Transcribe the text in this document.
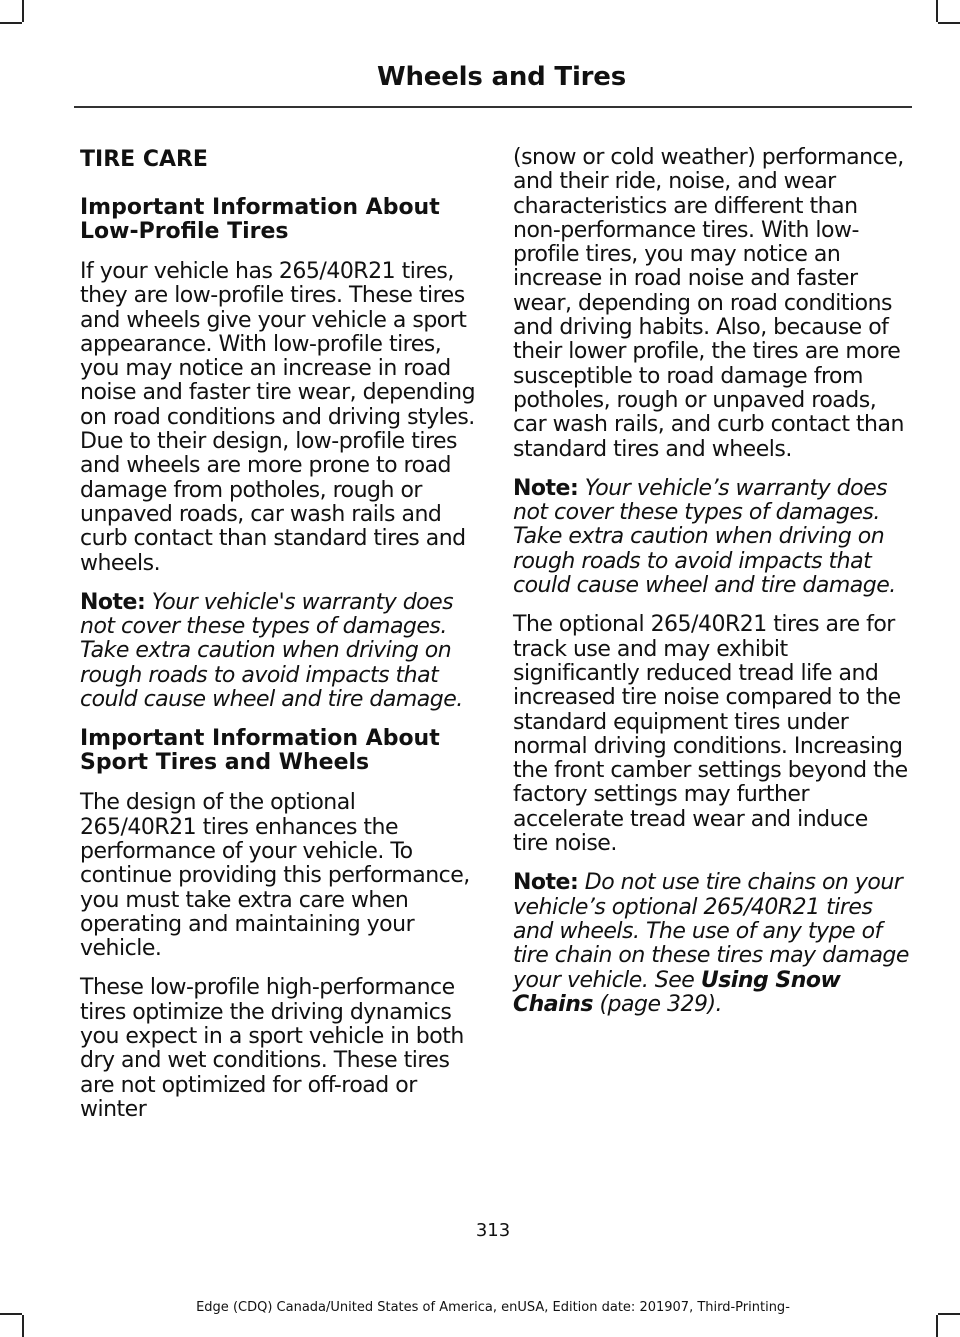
Wheels and Tires
TIRE CARE
Important Information About Low-Profile Tires

If your vehicle has 265/40R21 tires, they are low-profile tires. These tires and wheels give your vehicle a sport appearance. With low-profile tires, you may notice an increase in road noise and faster tire wear, depending on road conditions and driving styles. Due to their design, low-profile tires and wheels are more prone to road damage from potholes, rough or unpaved roads, car wash rails and curb contact than standard tires and wheels.

Note: Your vehicle's warranty does not cover these types of damages. Take extra caution when driving on rough roads to avoid impacts that could cause wheel and tire damage.

Important Information About Sport Tires and Wheels

The design of the optional 265/40R21 tires enhances the performance of your vehicle. To continue providing this performance, you must take extra care when operating and maintaining your vehicle.

These low-profile high-performance tires optimize the driving dynamics you expect in a sport vehicle in both dry and wet conditions. These tires are not optimized for off-road or winter

(snow or cold weather) performance, and their ride, noise, and wear characteristics are different than non-performance tires. With low-profile tires, you may notice an increase in road noise and faster wear, depending on road conditions and driving habits. Also, because of their lower profile, the tires are more susceptible to road damage from potholes, rough or unpaved roads, car wash rails, and curb contact than standard tires and wheels.

Note: Your vehicle’s warranty does not cover these types of damages. Take extra caution when driving on rough roads to avoid impacts that could cause wheel and tire damage.

The optional 265/40R21 tires are for track use and may exhibit significantly reduced tread life and increased tire noise compared to the standard equipment tires under normal driving conditions. Increasing the front camber settings beyond the factory settings may further accelerate tread wear and induce tire noise.

Note: Do not use tire chains on your vehicle’s optional 265/40R21 tires and wheels. The use of any type of tire chain on these tires may damage your vehicle. See Using Snow Chains (page 329).

313
Edge (CDQ) Canada/United States of America, enUSA, Edition date: 201907, Third-Printing-
